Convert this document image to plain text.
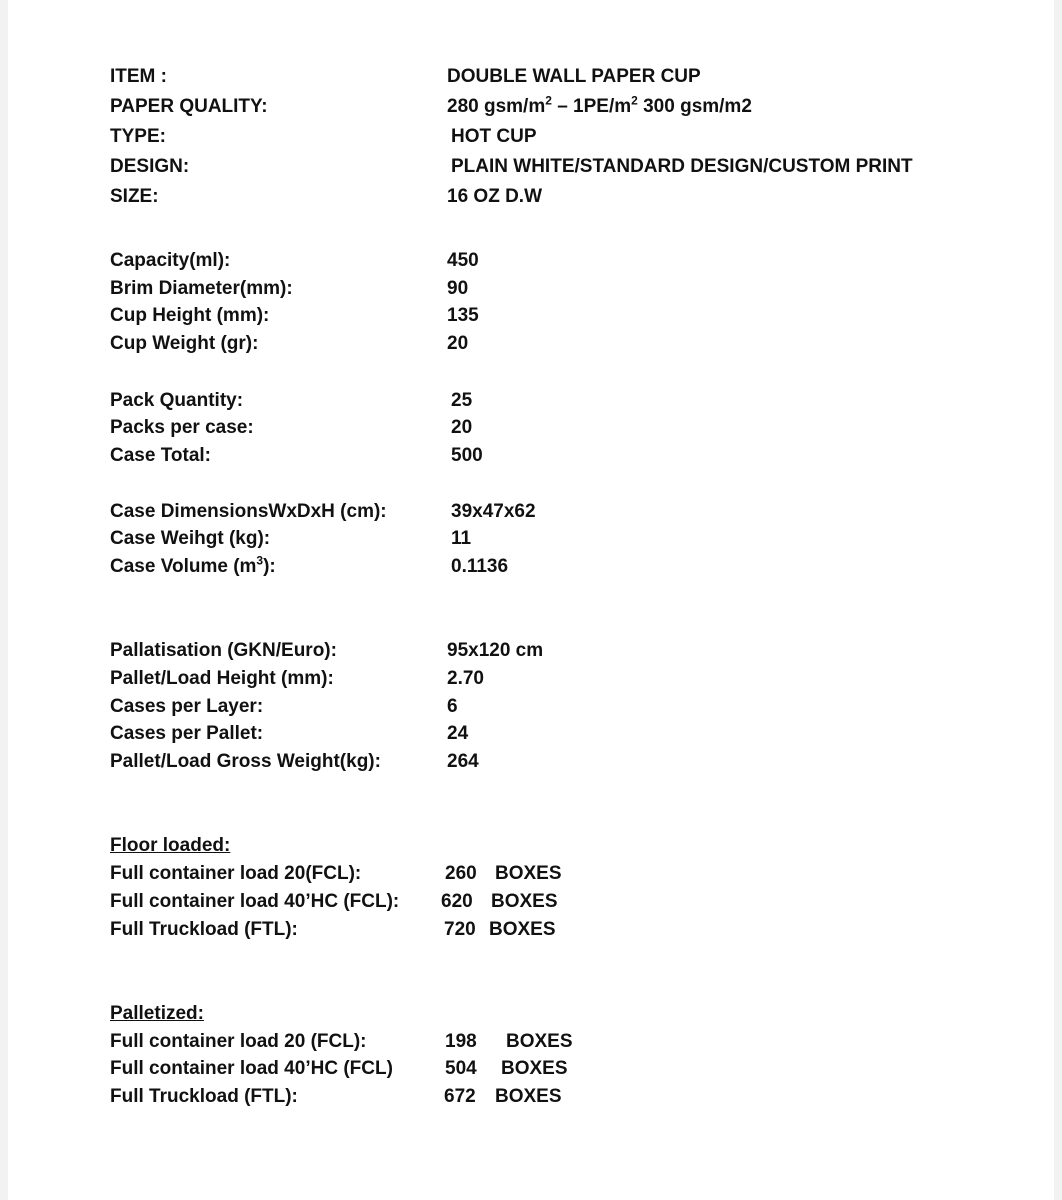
ITEM :	DOUBLE WALL PAPER CUP
PAPER QUALITY:	280 gsm/$m^2 - 1PE/m^2$ 300 gsm/m2
TYPE:	HOT CUP
DESIGN:	PLAIN WHITE/STANDARD DESIGN/CUSTOM PRINT
SIZE:	16 OZ D.W
Capacity(ml):	450
Brim Diameter(mm):	90
Cup Height (mm):	135
Cup Weight (gr):	20
Pack Quantity:	25
Packs per case:	20
Case Total:	500
Case DimensionsWxDxH (cm):	39x47x62
Case Weihgt (kg):	11
Case Volume $(m^3)$:	0.1136
Pallatisation (GKN/Euro):	95x120 cm
Pallet/Load Height (mm):	2.70
Cases per Layer:	6
Cases per Pallet:	24
Pallet/Load Gross Weight(kg):	264
Floor loaded:
Full container load 20(FCL):	260 BOXES
Full container load 40’HC (FCL): 620 BOXES
Full Truckload (FTL):	720 BOXES
Palletized:
Full container load 20 (FCL):	198 BOXES
Full container load 40’HC (FCL)	504 BOXES
Full Truckload (FTL):	672 BOXES
